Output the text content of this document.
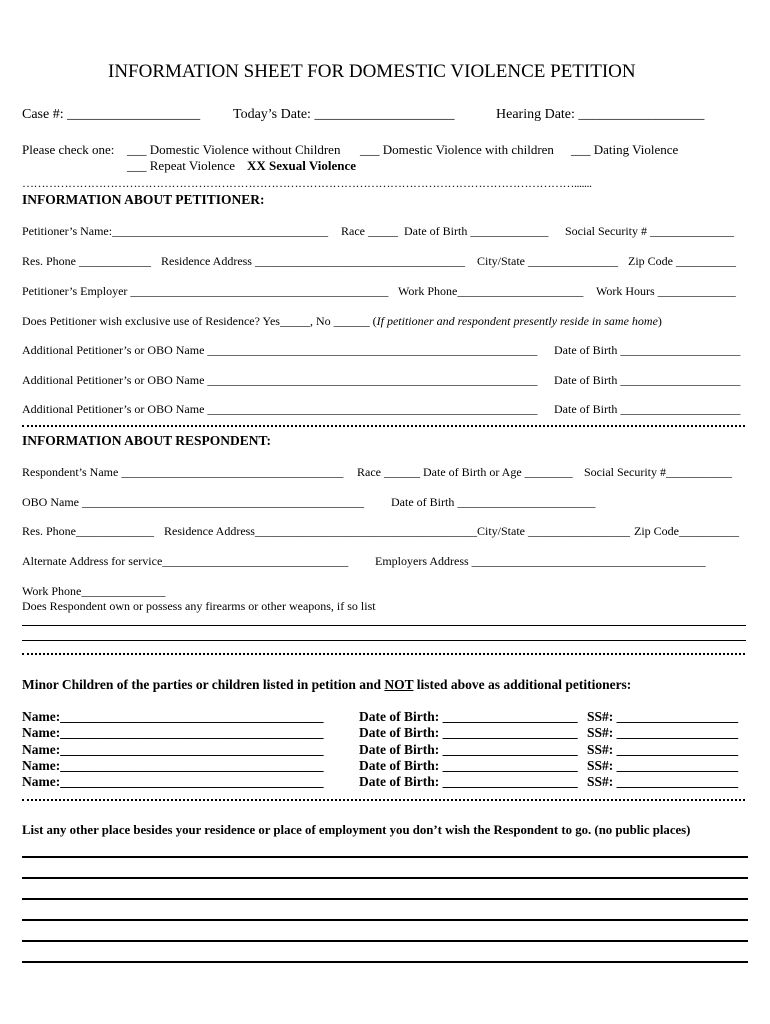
INFORMATION SHEET FOR DOMESTIC VIOLENCE PETITION
Case #: ___________________ Today’s Date: ____________________	Hearing Date: __________________
Please check one: ___ Domestic Violence without Children ___ Domestic Violence with children ___ Dating Violence
___ Repeat Violence XX Sexual Violence
……………………………………………………………………………………………………………………………….......
INFORMATION ABOUT PETITIONER:
Petitioner’s Name:____________________________________ Race _____ Date of Birth _____________ Social Security # ______________
Res. Phone ____________ Residence Address ___________________________________ City/State _______________ Zip Code __________
Petitioner’s Employer ___________________________________________ Work Phone_____________________ Work Hours _____________
Does Petitioner wish exclusive use of Residence? Yes_____, No ______ (If petitioner and respondent presently reside in same home)
Additional Petitioner’s or OBO Name _______________________________________________________ Date of Birth ____________________
Additional Petitioner’s or OBO Name _______________________________________________________ Date of Birth ____________________
Additional Petitioner’s or OBO Name _______________________________________________________ Date of Birth ____________________
INFORMATION ABOUT RESPONDENT:
Respondent’s Name _____________________________________ Race ______ Date of Birth or Age ________ Social Security #___________
OBO Name _______________________________________________ Date of Birth _______________________
Res. Phone_____________ Residence Address_____________________________________ City/State _________________ Zip Code__________
Alternate Address for service_______________________________ Employers Address _______________________________________
Work Phone______________
Does Respondent own or possess any firearms or other weapons, if so list
Minor Children of the parties or children listed in petition and NOT listed above as additional petitioners:
Name:_______________________________________	Date of Birth: ____________________ SS#: __________________
Name:_______________________________________	Date of Birth: ____________________ SS#: __________________
Name:_______________________________________	Date of Birth: ____________________ SS#: __________________
Name:_______________________________________	Date of Birth: ____________________ SS#: __________________
Name:_______________________________________	Date of Birth: ____________________ SS#: __________________
List any other place besides your residence or place of employment you don’t wish the Respondent to go. (no public places)
